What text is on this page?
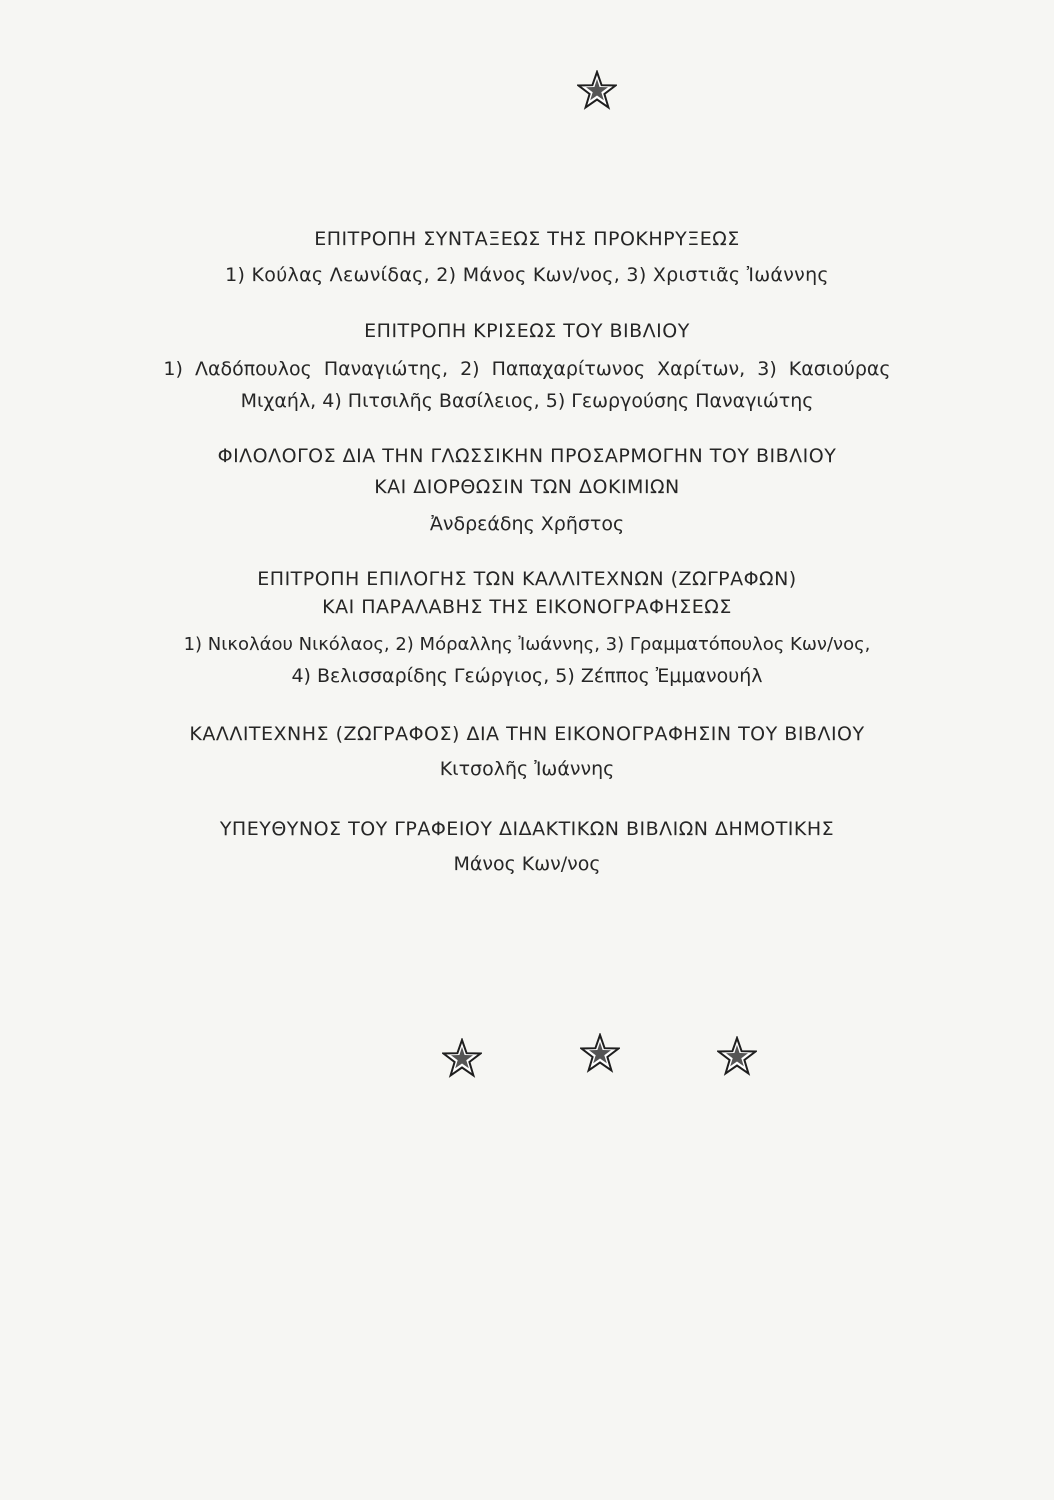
ΕΠΙΤΡΟΠΗ ΣΥΝΤΑΞΕΩΣ ΤΗΣ ΠΡΟΚΗΡΥΞΕΩΣ
1) Κούλας Λεωνίδας, 2) Μάνος Κων/νος, 3) Χριστιᾶς Ἰωάννης
ΕΠΙΤΡΟΠΗ ΚΡΙΣΕΩΣ ΤΟΥ ΒΙΒΛΙΟΥ
1) Λαδόπουλος Παναγιώτης, 2) Παπαχαρίτωνος Χαρίτων, 3) Κασιούρας
Μιχαήλ, 4) Πιτσιλῆς Βασίλειος, 5) Γεωργούσης Παναγιώτης
ΦΙΛΟΛΟΓΟΣ ΔΙΑ ΤΗΝ ΓΛΩΣΣΙΚΗΝ ΠΡΟΣΑΡΜΟΓΗΝ ΤΟΥ ΒΙΒΛΙΟΥ
ΚΑΙ ΔΙΟΡΘΩΣΙΝ ΤΩΝ ΔΟΚΙΜΙΩΝ
Ἀνδρεάδης Χρῆστος
ΕΠΙΤΡΟΠΗ ΕΠΙΛΟΓΗΣ ΤΩΝ ΚΑΛΛΙΤΕΧΝΩΝ (ΖΩΓΡΑΦΩΝ)
ΚΑΙ ΠΑΡΑΛΑΒΗΣ ΤΗΣ ΕΙΚΟΝΟΓΡΑΦΗΣΕΩΣ
1) Νικολάου Νικόλαος, 2) Μόραλλης Ἰωάννης, 3) Γραμματόπουλος Κων/νος,
4) Βελισσαρίδης Γεώργιος, 5) Ζέππος Ἐμμανουήλ
ΚΑΛΛΙΤΕΧΝΗΣ (ΖΩΓΡΑΦΟΣ) ΔΙΑ ΤΗΝ ΕΙΚΟΝΟΓΡΑΦΗΣΙΝ ΤΟΥ ΒΙΒΛΙΟΥ
Κιτσολῆς Ἰωάννης
ΥΠΕΥΘΥΝΟΣ ΤΟΥ ΓΡΑΦΕΙΟΥ ΔΙΔΑΚΤΙΚΩΝ ΒΙΒΛΙΩΝ ΔΗΜΟΤΙΚΗΣ
Μάνος Κων/νος
